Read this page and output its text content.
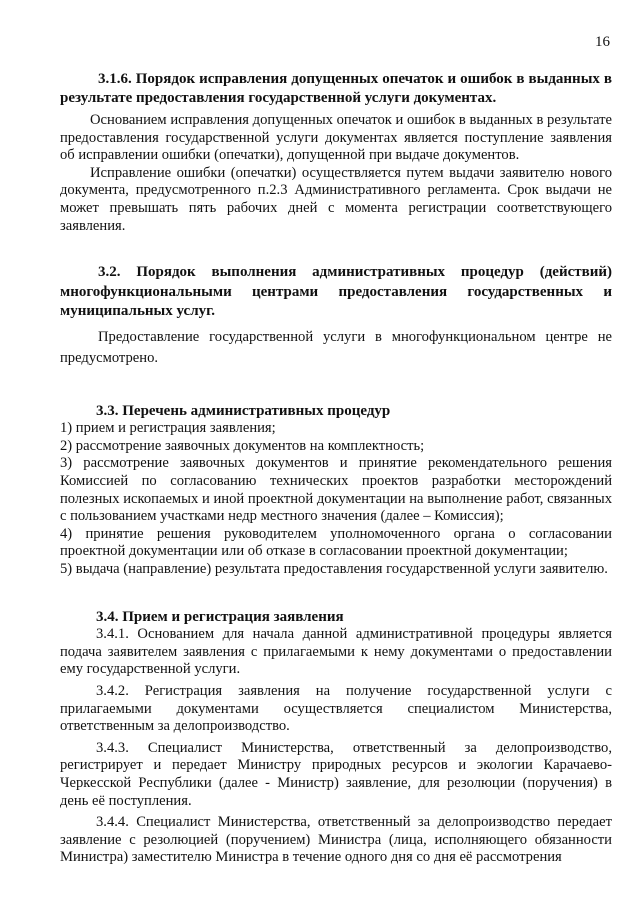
16

3.1.6. Порядок исправления допущенных опечаток и ошибок в выданных в результате предоставления государственной услуги документах.

Основанием исправления допущенных опечаток и ошибок в выданных в результате предоставления государственной услуги документах является поступление заявления об исправлении ошибки (опечатки), допущенной при выдаче документов.

Исправление ошибки (опечатки) осуществляется путем выдачи заявителю нового документа, предусмотренного п.2.3 Административного регламента. Срок выдачи не может превышать пять рабочих дней с момента регистрации соответствующего заявления.

3.2. Порядок выполнения административных процедур (действий) многофункциональными центрами предоставления государственных и муниципальных услуг.

Предоставление государственной услуги в многофункциональном центре не предусмотрено.

3.3. Перечень административных процедур

1) прием и регистрация заявления;

2) рассмотрение заявочных документов на комплектность;

3) рассмотрение заявочных документов и принятие рекомендательного решения Комиссией по согласованию технических проектов разработки месторождений полезных ископаемых и иной проектной документации на выполнение работ, связанных с пользованием участками недр местного значения (далее – Комиссия);

4) принятие решения руководителем уполномоченного органа о согласовании проектной документации или об отказе в согласовании проектной документации;

5) выдача (направление) результата предоставления государственной услуги заявителю.

3.4. Прием и регистрация заявления

3.4.1. Основанием для начала данной административной процедуры является подача заявителем заявления с прилагаемыми к нему документами о предоставлении ему государственной услуги.

3.4.2. Регистрация заявления на получение государственной услуги с прилагаемыми документами осуществляется специалистом Министерства, ответственным за делопроизводство.

3.4.3. Специалист Министерства, ответственный за делопроизводство, регистрирует и передает Министру природных ресурсов и экологии Карачаево-Черкесской Республики (далее - Министр) заявление, для резолюции (поручения) в день её поступления.

3.4.4. Специалист Министерства, ответственный за делопроизводство передает заявление с резолюцией (поручением) Министра (лица, исполняющего обязанности Министра) заместителю Министра в течение одного дня со дня её рассмотрения
